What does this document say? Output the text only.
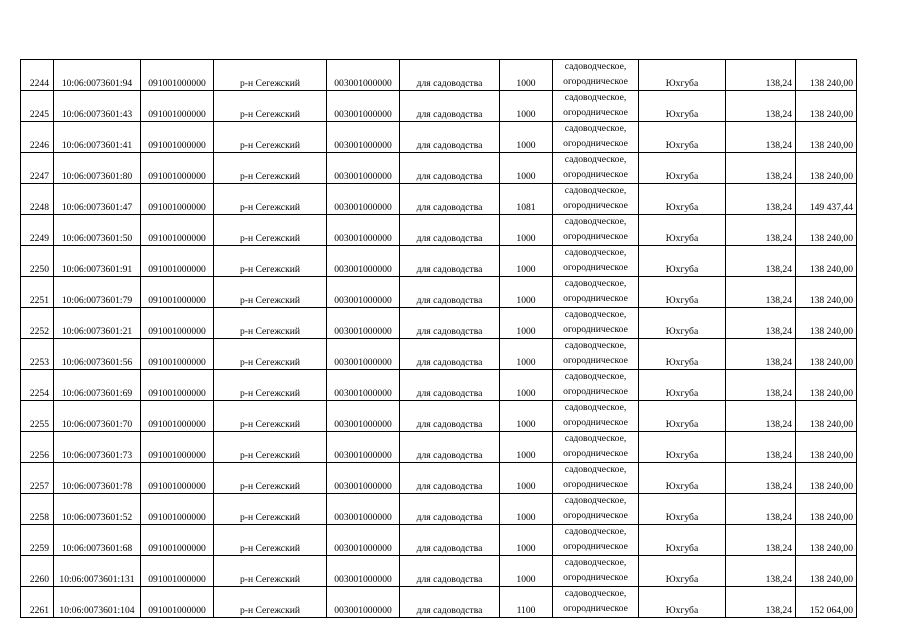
2244	10:06:0073601:94	091001000000	р-н Сегежский	003001000000	для садоводства	1000	садоводческое,
огородническое	Юхгуба	138,24	138 240,00
2245	10:06:0073601:43	091001000000	р-н Сегежский	003001000000	для садоводства	1000	садоводческое,
огородническое	Юхгуба	138,24	138 240,00
2246	10:06:0073601:41	091001000000	р-н Сегежский	003001000000	для садоводства	1000	садоводческое,
огородническое	Юхгуба	138,24	138 240,00
2247	10:06:0073601:80	091001000000	р-н Сегежский	003001000000	для садоводства	1000	садоводческое,
огородническое	Юхгуба	138,24	138 240,00
2248	10:06:0073601:47	091001000000	р-н Сегежский	003001000000	для садоводства	1081	садоводческое,
огородническое	Юхгуба	138,24	149 437,44
2249	10:06:0073601:50	091001000000	р-н Сегежский	003001000000	для садоводства	1000	садоводческое,
огородническое	Юхгуба	138,24	138 240,00
2250	10:06:0073601:91	091001000000	р-н Сегежский	003001000000	для садоводства	1000	садоводческое,
огородническое	Юхгуба	138,24	138 240,00
2251	10:06:0073601:79	091001000000	р-н Сегежский	003001000000	для садоводства	1000	садоводческое,
огородническое	Юхгуба	138,24	138 240,00
2252	10:06:0073601:21	091001000000	р-н Сегежский	003001000000	для садоводства	1000	садоводческое,
огородническое	Юхгуба	138,24	138 240,00
2253	10:06:0073601:56	091001000000	р-н Сегежский	003001000000	для садоводства	1000	садоводческое,
огородническое	Юхгуба	138,24	138 240,00
2254	10:06:0073601:69	091001000000	р-н Сегежский	003001000000	для садоводства	1000	садоводческое,
огородническое	Юхгуба	138,24	138 240,00
2255	10:06:0073601:70	091001000000	р-н Сегежский	003001000000	для садоводства	1000	садоводческое,
огородническое	Юхгуба	138,24	138 240,00
2256	10:06:0073601:73	091001000000	р-н Сегежский	003001000000	для садоводства	1000	садоводческое,
огородническое	Юхгуба	138,24	138 240,00
2257	10:06:0073601:78	091001000000	р-н Сегежский	003001000000	для садоводства	1000	садоводческое,
огородническое	Юхгуба	138,24	138 240,00
2258	10:06:0073601:52	091001000000	р-н Сегежский	003001000000	для садоводства	1000	садоводческое,
огородническое	Юхгуба	138,24	138 240,00
2259	10:06:0073601:68	091001000000	р-н Сегежский	003001000000	для садоводства	1000	садоводческое,
огородническое	Юхгуба	138,24	138 240,00
2260	10:06:0073601:131	091001000000	р-н Сегежский	003001000000	для садоводства	1000	садоводческое,
огородническое	Юхгуба	138,24	138 240,00
2261	10:06:0073601:104	091001000000	р-н Сегежский	003001000000	для садоводства	1100	садоводческое,
огородническое	Юхгуба	138,24	152 064,00
